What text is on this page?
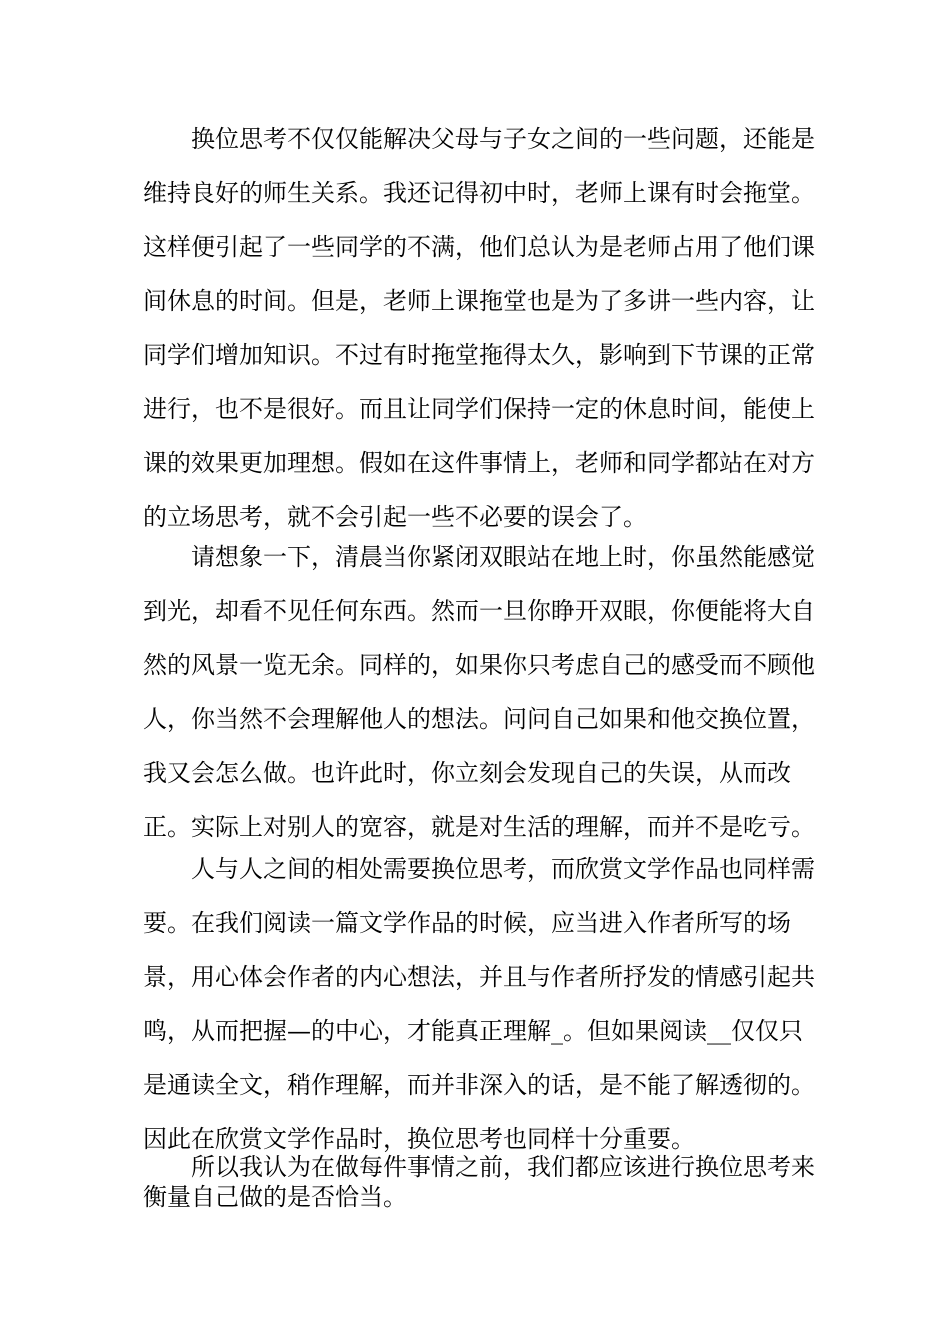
换位思考不仅仅能解决父母与子女之间的一些问题，还能是维持良好的师生关系。我还记得初中时，老师上课有时会拖堂。这样便引起了一些同学的不满，他们总认为是老师占用了他们课间休息的时间。但是，老师上课拖堂也是为了多讲一些内容，让同学们增加知识。不过有时拖堂拖得太久，影响到下节课的正常进行，也不是很好。而且让同学们保持一定的休息时间，能使上课的效果更加理想。假如在这件事情上，老师和同学都站在对方的立场思考，就不会引起一些不必要的误会了。

请想象一下，清晨当你紧闭双眼站在地上时，你虽然能感觉到光，却看不见任何东西。然而一旦你睁开双眼，你便能将大自然的风景一览无余。同样的，如果你只考虑自己的感受而不顾他人，你当然不会理解他人的想法。问问自己如果和他交换位置，我又会怎么做。也许此时，你立刻会发现自己的失误，从而改正。实际上对别人的宽容，就是对生活的理解，而并不是吃亏。

人与人之间的相处需要换位思考，而欣赏文学作品也同样需要。在我们阅读一篇文学作品的时候，应当进入作者所写的场景，用心体会作者的内心想法，并且与作者所抒发的情感引起共鸣，从而把握—的中心，才能真正理解_。但如果阅读__仅仅只是通读全文，稍作理解，而并非深入的话，是不能了解透彻的。因此在欣赏文学作品时，换位思考也同样十分重要。

所以我认为在做每件事情之前，我们都应该进行换位思考来衡量自己做的是否恰当。
